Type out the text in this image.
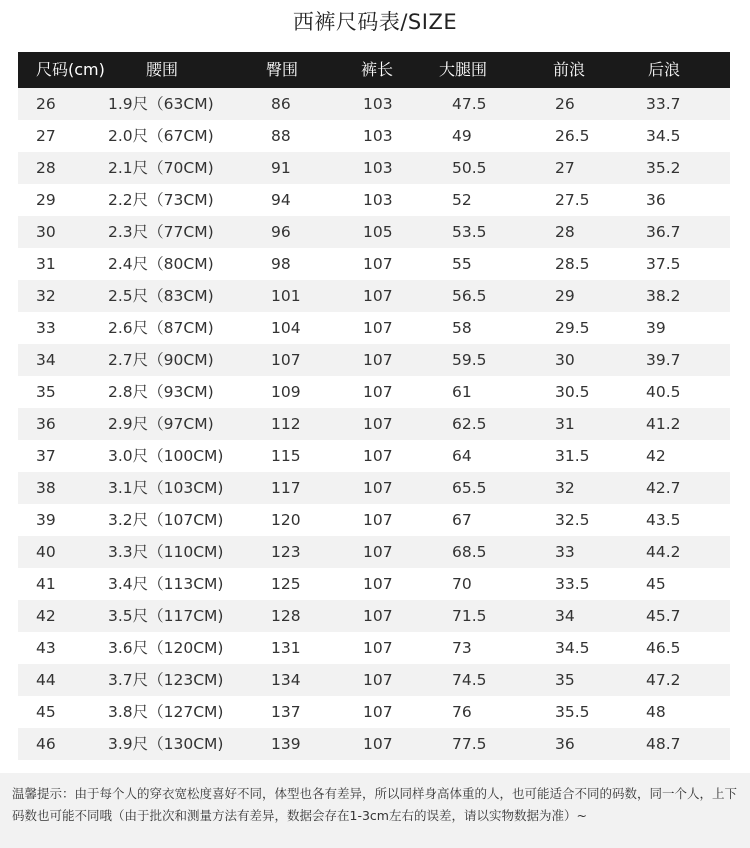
西裤尺码表/SIZE
尺码(cm)	腰围	臀围	裤长	大腿围	前浪	后浪
26	1.9尺（63CM)	86	103	47.5	26	33.7
27	2.0尺（67CM)	88	103	49	26.5	34.5
28	2.1尺（70CM)	91	103	50.5	27	35.2
29	2.2尺（73CM)	94	103	52	27.5	36
30	2.3尺（77CM)	96	105	53.5	28	36.7
31	2.4尺（80CM)	98	107	55	28.5	37.5
32	2.5尺（83CM)	101	107	56.5	29	38.2
33	2.6尺（87CM)	104	107	58	29.5	39
34	2.7尺（90CM)	107	107	59.5	30	39.7
35	2.8尺（93CM)	109	107	61	30.5	40.5
36	2.9尺（97CM)	112	107	62.5	31	41.2
37	3.0尺（100CM)	115	107	64	31.5	42
38	3.1尺（103CM)	117	107	65.5	32	42.7
39	3.2尺（107CM)	120	107	67	32.5	43.5
40	3.3尺（110CM)	123	107	68.5	33	44.2
41	3.4尺（113CM)	125	107	70	33.5	45
42	3.5尺（117CM)	128	107	71.5	34	45.7
43	3.6尺（120CM)	131	107	73	34.5	46.5
44	3.7尺（123CM)	134	107	74.5	35	47.2
45	3.8尺（127CM)	137	107	76	35.5	48
46	3.9尺（130CM)	139	107	77.5	36	48.7
温馨提示：由于每个人的穿衣宽松度喜好不同，体型也各有差异，所以同样身高体重的人，也可能适合不同的码数，同一个人，上下码数也可能不同哦（由于批次和测量方法有差异，数据会存在1-3cm左右的误差，请以实物数据为准）~
